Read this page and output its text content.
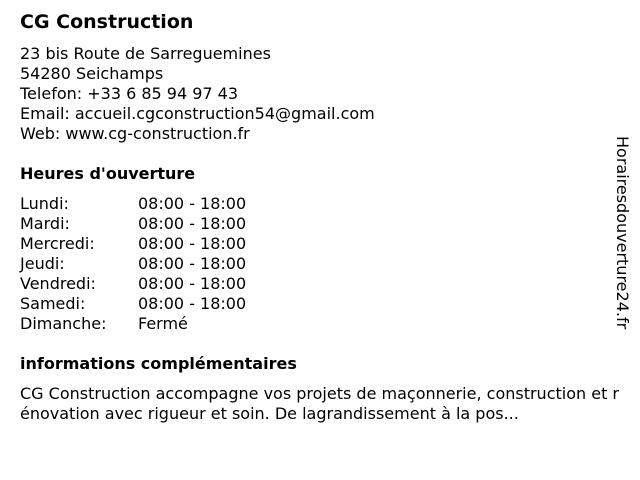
CG Construction
23 bis Route de Sarreguemines
54280 Seichamps
Telefon: +33 6 85 94 97 43
Email: accueil.cgconstruction54@gmail.com
Web: www.cg-construction.fr
Heures d'ouverture
Lundi:	08:00 - 18:00
Mardi:	08:00 - 18:00
Mercredi:	08:00 - 18:00
Jeudi:	08:00 - 18:00
Vendredi:	08:00 - 18:00
Samedi:	08:00 - 18:00
Dimanche:	Fermé
informations complémentaires
CG Construction accompagne vos projets de maçonnerie, construction et rénovation avec rigueur et soin. De lagrandissement à la pos...
Horairesdouverture24.fr
